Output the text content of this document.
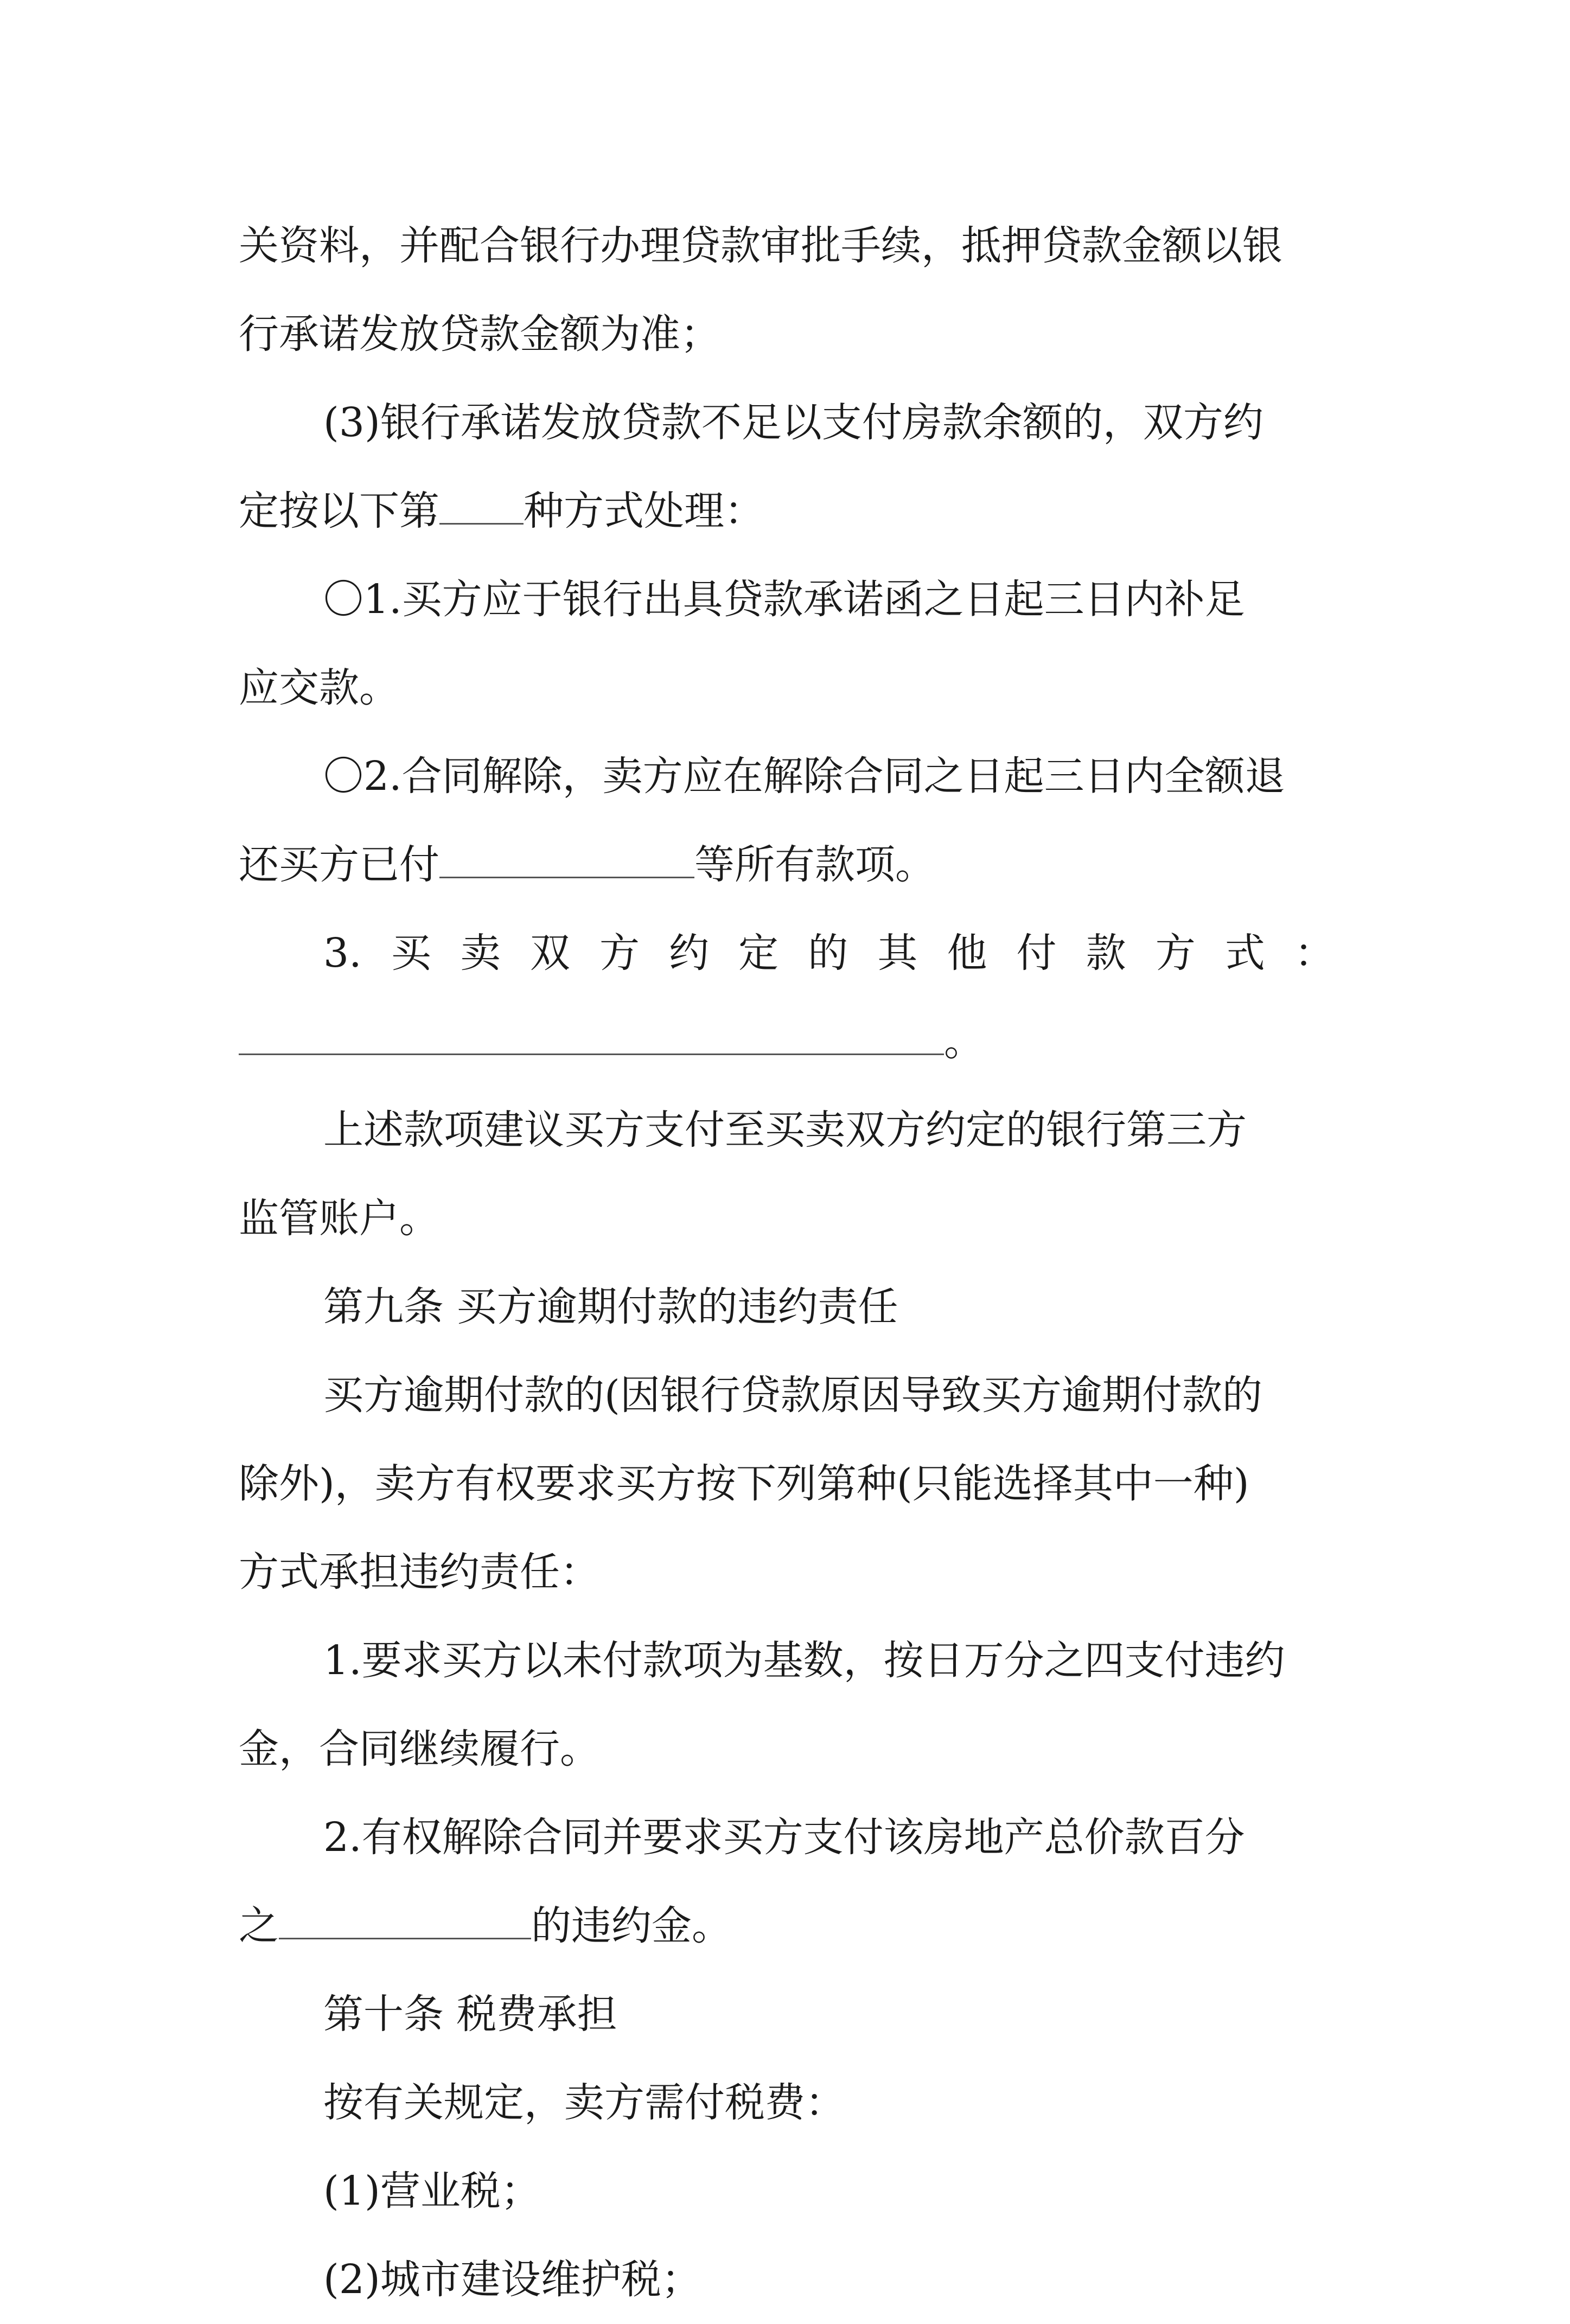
关资料，并配合银行办理贷款审批手续，抵押贷款金额以银
行承诺发放贷款金额为准；
(3)银行承诺发放贷款不足以支付房款余额的，双方约
定按以下第 种方式处理：
〇1.买方应于银行出具贷款承诺函之日起三日内补足
应交款。
〇2.合同解除，卖方应在解除合同之日起三日内全额退
还买方已付	等所有款项。
3. 买 卖 双 方 约 定 的 其 他 付 款 方 式 ：
。
上述款项建议买方支付至买卖双方约定的银行第三方
监管账户。
第九条 买方逾期付款的违约责任
买方逾期付款的(因银行贷款原因导致买方逾期付款的
除外)，卖方有权要求买方按下列第种(只能选择其中一种)
方式承担违约责任：
1.要求买方以未付款项为基数，按日万分之四支付违约
金，合同继续履行。
2.有权解除合同并要求买方支付该房地产总价款百分
之	的违约金。
第十条 税费承担
按有关规定，卖方需付税费：
(1)营业税；
(2)城市建设维护税；
